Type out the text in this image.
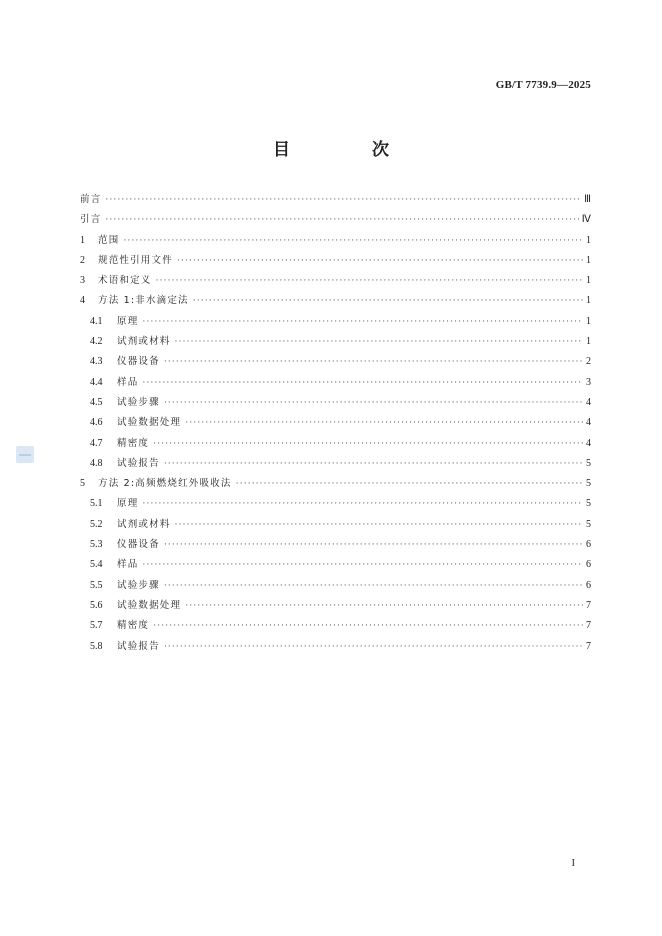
GB/T 7739.9—2025
目 次
前言 ·····	Ⅲ
引言 ·····	Ⅳ
1	范围 ·····	1
2	规范性引用文件 ·····	1
3	术语和定义 ·····	1
4	方法 1:非水滴定法 ·····	1
4.1	原理 ·····	1
4.2	试剂或材料 ·····	1
4.3	仪器设备 ·····	2
4.4	样品 ·····	3
4.5	试验步骤 ·····	4
4.6	试验数据处理 ·····	4
4.7	精密度 ·····	4
4.8	试验报告 ·····	5
5	方法 2:高频燃烧红外吸收法 ·····	5
5.1	原理 ·····	5
5.2	试剂或材料 ·····	5
5.3	仪器设备 ·····	6
5.4	样品 ·····	6
5.5	试验步骤 ·····	6
5.6	试验数据处理 ·····	7
5.7	精密度 ·····	7
5.8	试验报告 ·····	7
I
